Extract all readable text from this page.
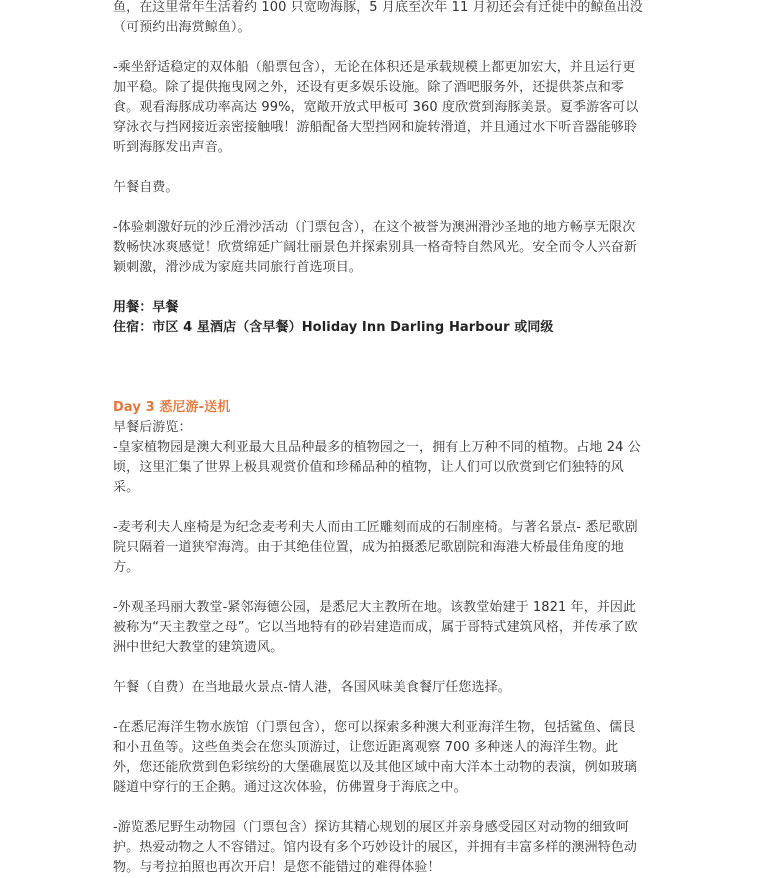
鱼，在这里常年生活着约 100 只宽吻海豚，5 月底至次年 11 月初还会有迁徙中的鲸鱼出没（可预约出海赏鲸鱼）。

-乘坐舒适稳定的双体船（船票包含），无论在体积还是承载规模上都更加宏大，并且运行更加平稳。除了提供拖曳网之外，还设有更多娱乐设施。除了酒吧服务外，还提供茶点和零食。观看海豚成功率高达 99%，宽敞开放式甲板可 360 度欣赏到海豚美景。夏季游客可以穿泳衣与挡网接近亲密接触哦！游船配备大型挡网和旋转滑道，并且通过水下听音器能够聆听到海豚发出声音。

午餐自费。

-体验刺激好玩的沙丘滑沙活动（门票包含），在这个被誉为澳洲滑沙圣地的地方畅享无限次数畅快冰爽感觉！欣赏绵延广阔壮丽景色并探索别具一格奇特自然风光。安全而令人兴奋新颖刺激，滑沙成为家庭共同旅行首选项目。

用餐：早餐

住宿：市区 4 星酒店（含早餐）Holiday Inn Darling Harbour 或同级

Day 3 悉尼游-送机

早餐后游览：

-皇家植物园是澳大利亚最大且品种最多的植物园之一，拥有上万种不同的植物。占地 24 公顷，这里汇集了世界上极具观赏价值和珍稀品种的植物，让人们可以欣赏到它们独特的风采。

-麦考利夫人座椅是为纪念麦考利夫人而由工匠雕刻而成的石制座椅。与著名景点- 悉尼歌剧院只隔着一道狭窄海湾。由于其绝佳位置，成为拍摄悉尼歌剧院和海港大桥最佳角度的地方。

-外观圣玛丽大教堂-紧邻海德公园，是悉尼大主教所在地。该教堂始建于 1821 年，并因此被称为“天主教堂之母”。它以当地特有的砂岩建造而成，属于哥特式建筑风格，并传承了欧洲中世纪大教堂的建筑遗风。

午餐（自费）在当地最火景点-情人港，各国风味美食餐厅任您选择。

-在悉尼海洋生物水族馆（门票包含），您可以探索多种澳大利亚海洋生物，包括鲨鱼、儒艮和小丑鱼等。这些鱼类会在您头顶游过，让您近距离观察 700 多种迷人的海洋生物。此外，您还能欣赏到色彩缤纷的大堡礁展览以及其他区域中南大洋本土动物的表演，例如玻璃隧道中穿行的王企鹅。通过这次体验，仿佛置身于海底之中。

-游览悉尼野生动物园（门票包含）探访其精心规划的展区并亲身感受园区对动物的细致呵护。热爱动物之人不容错过。馆内设有多个巧妙设计的展区，并拥有丰富多样的澳洲特色动物。与考拉拍照也再次开启！是您不能错过的难得体验！
